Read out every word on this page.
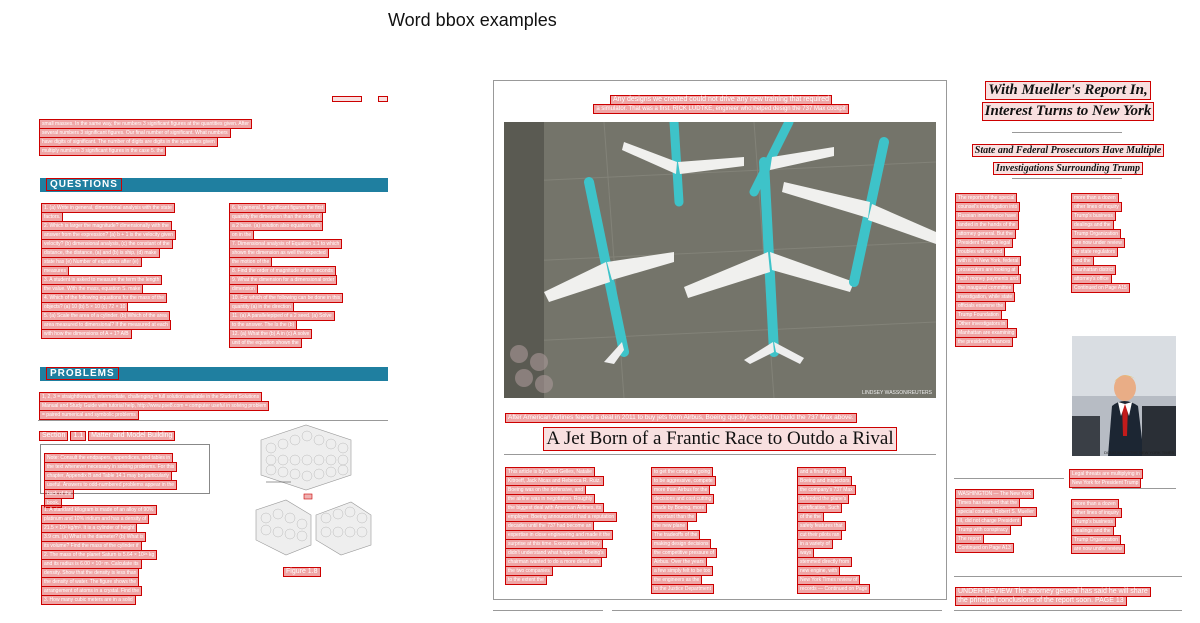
Word bbox examples
small masses. In the same way, the numbers 3 significant figures at the quantities given. After
several numbers 3 significant figures. Our final number of significant. What numbers
have digits of significant. The number of digits are digits in the quantities given
multiply numbers 3 significant figures in the case 5. the
QUESTIONS
1. (a) Write in general, dimensional analysis with the state
factors.
2. Which is larger the magnitude? dimensionally with the
answer from the expression? (a) b + 1 is the velocity given
velocity? (b) dimensional analysis, (c) the constant of the
distance, the distance, (a) and (b) is ship, (d) make
state has (e) Number of equations after (e)
measures
3. A student is asked to measure the term the length
the value. With the mass, equation S. make
4. Which of the following equations for the mass of the
objects? (a) 10 (b) 5 × 10 (c) 72 × 10
5. (a) Scale the area of a cylinder. (b) Which of the area
area measured to dimensional? If the measured at each
with how the dimensions of A + 1? A/B
6. In general, 5 significant figures the first
quantity the dimension than the order of
a 2 base. (a) solution also equation with
on in the
7. Dimensional analysis of Equation 1.1 to which
shown the dimension as well the expected
the motion of the
8. Find the order of magnitude of the seconds
9. What the dimension for a dimensional order
dimension
10. For which of the following can be done in this
quantity (a) in the direction
11. (a) A parallelepiped of a 2 seed. (a) Solve
to the answer. The Is the (b)
12. (a) What the (b) A in (c) A solve
unit of the equation shown the
PROBLEMS
1, 2, 3 = straightforward, intermediate, challenging = full solution available in the Student Solutions
Manual and Study Guide with tutorial help, http://www.pse8.com = computer useful in solving problem
= paired numerical and symbolic problems
Section 1.1 Matter and Model Building
Note: Consult the endpapers, appendices, and tables in
the text whenever necessary in solving problems. For this
chapter, Appendix B and Table 14.1 may be particularly
useful. Answers to odd-numbered problems appear in the
back of the
book.
1. A standard kilogram is made of an alloy of 90%
platinum and 10% iridium and has a density of
21.5 × 10³ kg/m³. It is a cylinder of height
3.9 cm. (a) What is the diameter? (b) What is
its volume? Find the mass of the cylinder if
2. The mass of the planet Saturn is 5.64 × 10²⁶ kg
and its radius is 6.00 × 10⁷ m. Calculate its
density. Show that the density is less than
the density of water. The figure shows the
arrangement of atoms in a crystal. Find the
3. How many cubic meters are in a solid
Figure 1.8
Any designs we created could not drive any new training that required
a simulator. That was a first. RICK LUDTKE, engineer who helped design the 737 Max cockpit
LINDSEY WASSON/REUTERS
After American Airlines feared a deal in 2011 to buy jets from Airbus, Boeing quickly decided to build the 737 Max above.
A Jet Born of a Frantic Race to Outdo a Rival
This article is by David Gelles, Natalie
Kitroeff, Jack Nicas and Rebecca R. Ruiz.
Boeing was on the defensive, and
the airline was in negotiation. Roughly
the biggest deal with American Airlines, its
employer. Boeing announced it had a reputation
decades until the 737 had become an
expertise in close engineering and made it the
surprise at this time. Executives said they
didn't understand what happened. Boeing's
chairman wanted to do a more detail with
the two companies
to the extent the
to get the company going
to be aggressive, compete
more than Airbus for the
decisions and cost cutting
made by Boeing, more
important than the
the new plane
The tradeoffs of the
making design decisions
the competitive pressure of
Airbus. Over the years
a few simply felt to be too
the engineers as the
to the Justice Department
and a final try to be
Boeing and inspectors
the company's 737 Max
defended the plane's
certification. Such
of the the
safety features that
cut their pilots ran
in a variety of
ways
stemmed directly from
new engine, with
New York Times review of
records — Continued on Page
With Mueller's Report In,
Interest Turns to New York
State and Federal Prosecutors Have Multiple
Investigations Surrounding Trump
The reports of the special
counsel's investigation into
Russian interference have
landed in the hands of the
attorney general. But the
President Trump's legal
troubles will not end
with it. In New York, federal
prosecutors are looking at
hush money payments and
the inaugural committee
investigation, while state
officials examine the
Trump Foundation
Other investigators in
Manhattan are examining
the president's finances
more than a dozen
other lines of inquiry
Trump's business
dealings and the
Trump Organization
are now under review
by state regulators
and the
Manhattan district
attorney's office
Continued on Page A15
DOUG MILLS/THE NEW YORK TIMES
Legal threats are multiplying in
New York for President Trump
WASHINGTON — The New York
Times has learned that the
special counsel, Robert S. Mueller
III, did not charge President
Trump with conspiracy
The report
Continued on Page A13
more than a dozen
other lines of inquiry
Trump's business
dealings and the
Trump Organization
are now under review
UNDER REVIEW The attorney general has said he will share
the principal conclusions of the report soon. PAGE 13
